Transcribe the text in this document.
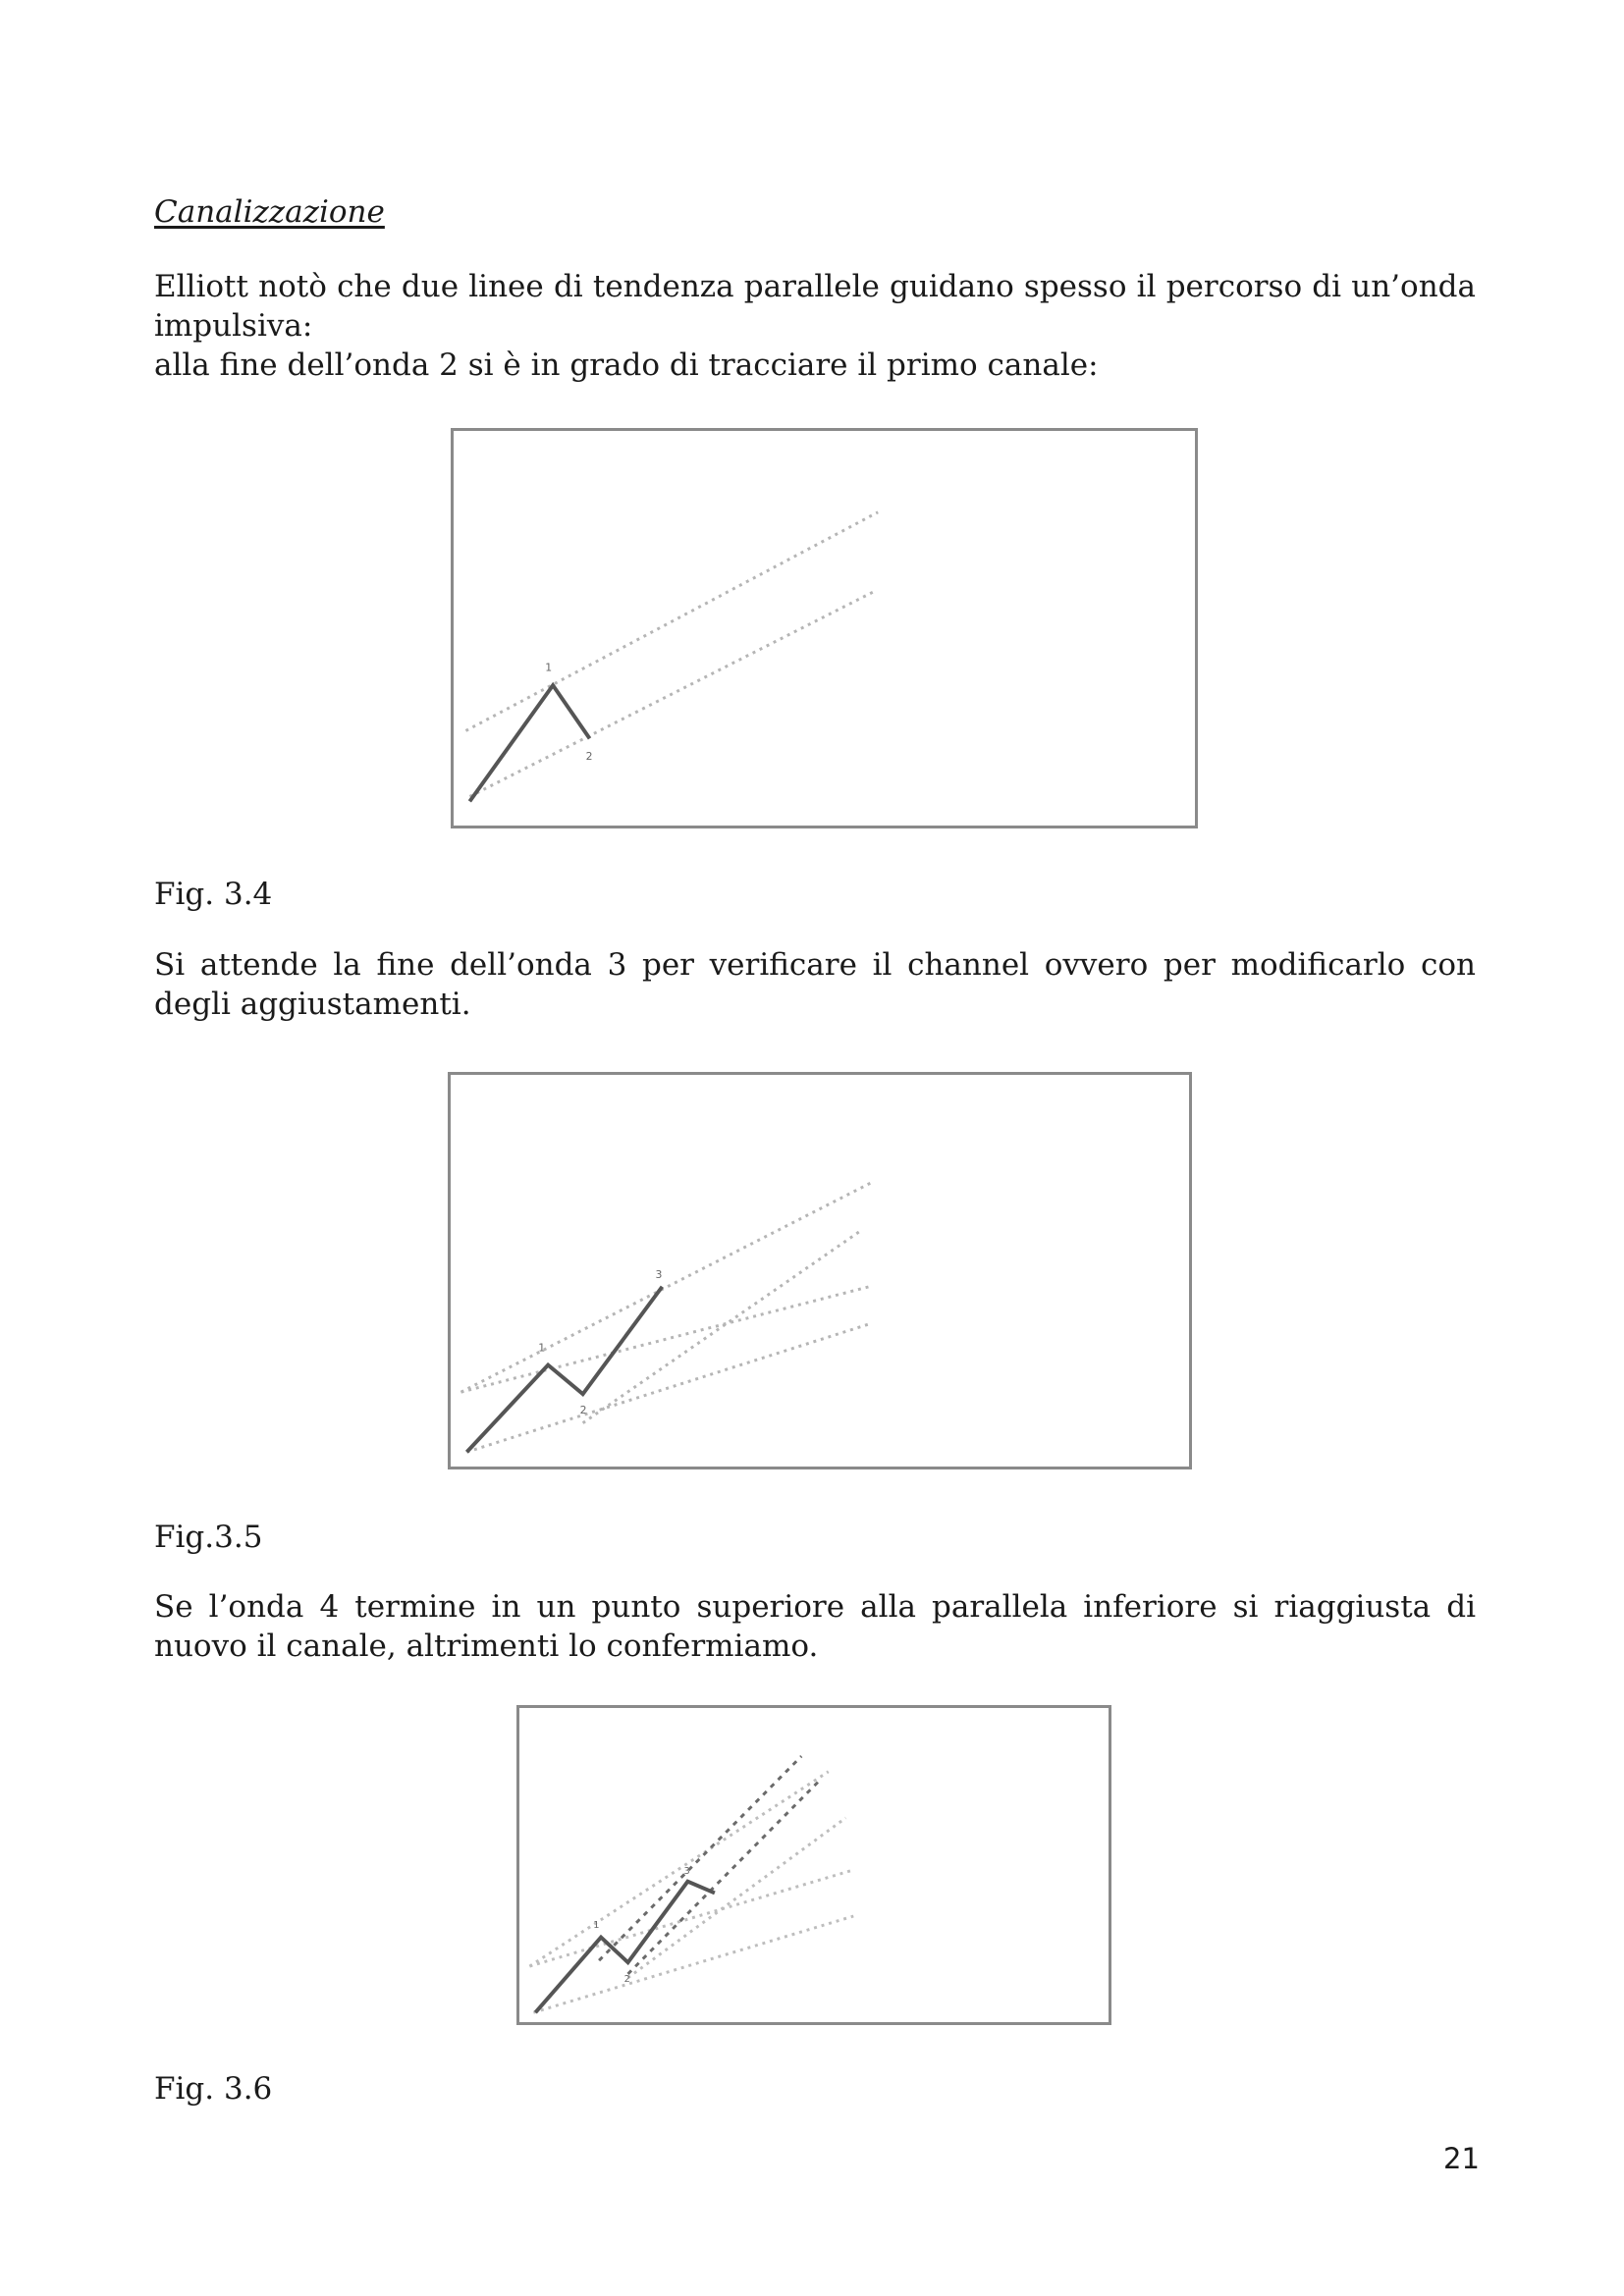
Canalizzazione

Elliott notò che due linee di tendenza parallele guidano spesso il percorso di un’onda impulsiva:

alla fine dell’onda 2 si è in grado di tracciare il primo canale:

1
2
Fig. 3.4

Si attende la fine dell’onda 3 per verificare il channel ovvero per modificarlo con degli aggiustamenti.

1
2
3
Fig.3.5

Se l’onda 4 termine in un punto superiore alla parallela inferiore si riaggiusta di nuovo il canale, altrimenti lo confermiamo.

1
2
3
Fig. 3.6
21
